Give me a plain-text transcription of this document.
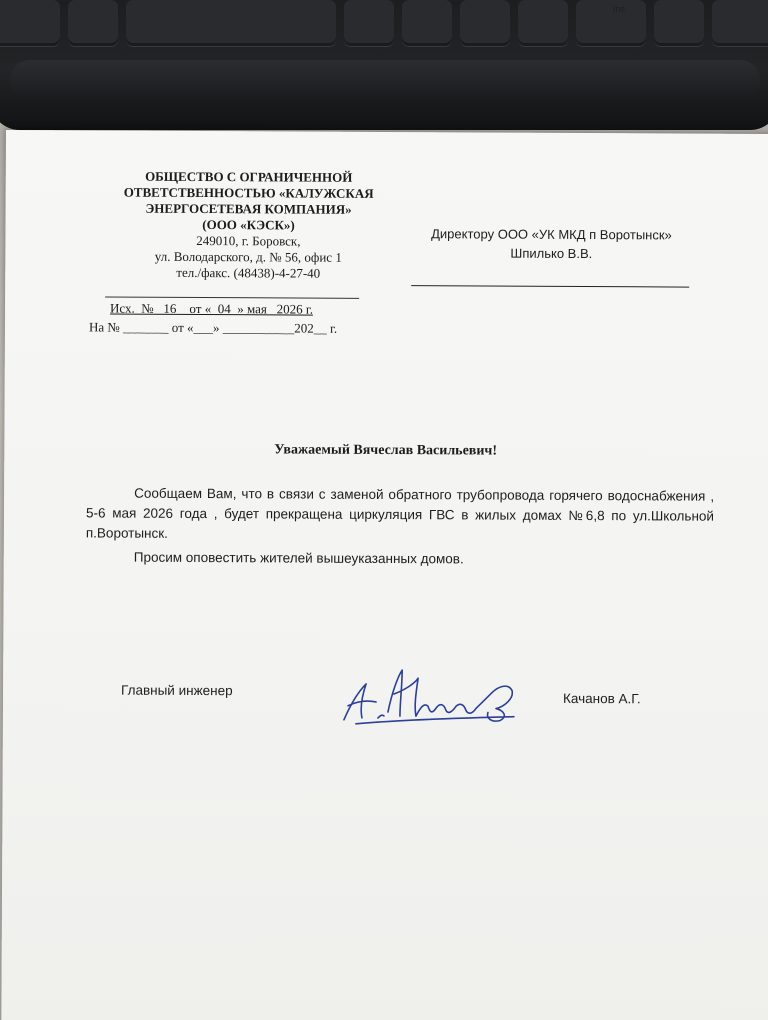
Ins
ОБЩЕСТВО С ОГРАНИЧЕННОЙ
ОТВЕТСТВЕННОСТЬЮ «КАЛУЖСКАЯ
ЭНЕРГОСЕТЕВАЯ КОМПАНИЯ»
(ООО «КЭСК»)
249010, г. Боровск,
ул. Володарского, д. № 56, офис 1
тел./факс. (48438)-4-27-40
Исх.  №   16    от «  04  » мая   2026 г.
На № _______ от «___» ___________202__ г.
Директору ООО «УК МКД п Воротынск»
Шпилько В.В.
Уважаемый Вячеслав Васильевич!

Сообщаем Вам, что в связи с заменой обратного трубопровода горячего водоснабжения , 5-6 мая 2026 года , будет прекращена циркуляция ГВС в жилых домах №6,8 по ул.Школьной п.Воротынск.

Просим оповестить жителей вышеуказанных домов.

Главный инженер
Качанов А.Г.
